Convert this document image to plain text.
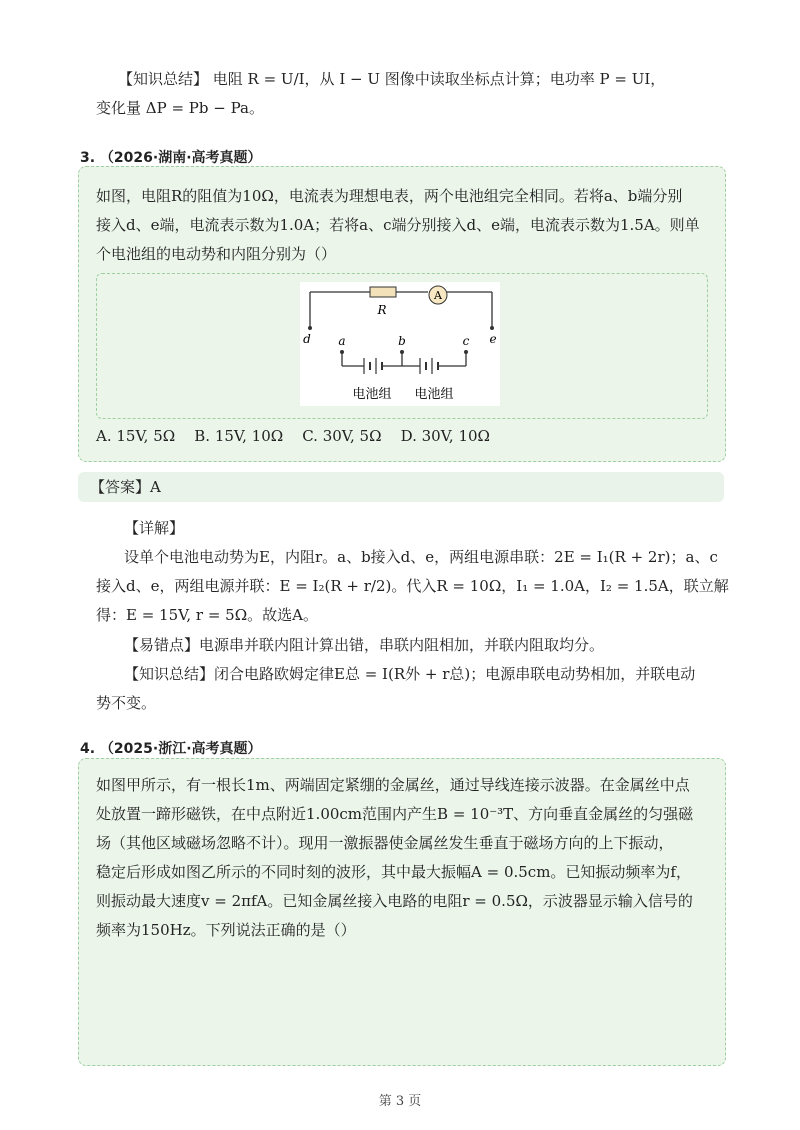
【知识总结】 电阻 R = U/I，从 I − U 图像中读取坐标点计算；电功率 P = UI，
变化量 ΔP = Pb − Pa。
3. （2026·湖南·高考真题）
如图，电阻R的阻值为10Ω，电流表为理想电表，两个电池组完全相同。若将a、b端分别
接入d、e端，电流表示数为1.0A；若将a、c端分别接入d、e端，电流表示数为1.5A。则单
个电池组的电动势和内阻分别为（）
A
R
d	e
a	b	c
电池组 电池组
A. 15V, 5Ω    B. 15V, 10Ω    C. 30V, 5Ω    D. 30V, 10Ω
【答案】A
【详解】
设单个电池电动势为E，内阻r。a、b接入d、e，两组电源串联：2E = I₁(R + 2r)；a、c
接入d、e，两组电源并联：E = I₂(R + r/2)。代入R = 10Ω，I₁ = 1.0A，I₂ = 1.5A，联立解
得：E = 15V, r = 5Ω。故选A。
【易错点】电源串并联内阻计算出错，串联内阻相加，并联内阻取均分。
【知识总结】闭合电路欧姆定律E总 = I(R外 + r总)；电源串联电动势相加，并联电动
势不变。
4. （2025·浙江·高考真题）
如图甲所示，有一根长1m、两端固定紧绷的金属丝，通过导线连接示波器。在金属丝中点
处放置一蹄形磁铁，在中点附近1.00cm范围内产生B = 10⁻³T、方向垂直金属丝的匀强磁
场（其他区域磁场忽略不计）。现用一激振器使金属丝发生垂直于磁场方向的上下振动，
稳定后形成如图乙所示的不同时刻的波形，其中最大振幅A = 0.5cm。已知振动频率为f，
则振动最大速度v = 2πfA。已知金属丝接入电路的电阻r = 0.5Ω，示波器显示输入信号的
频率为150Hz。下列说法正确的是（）
第 3 页
